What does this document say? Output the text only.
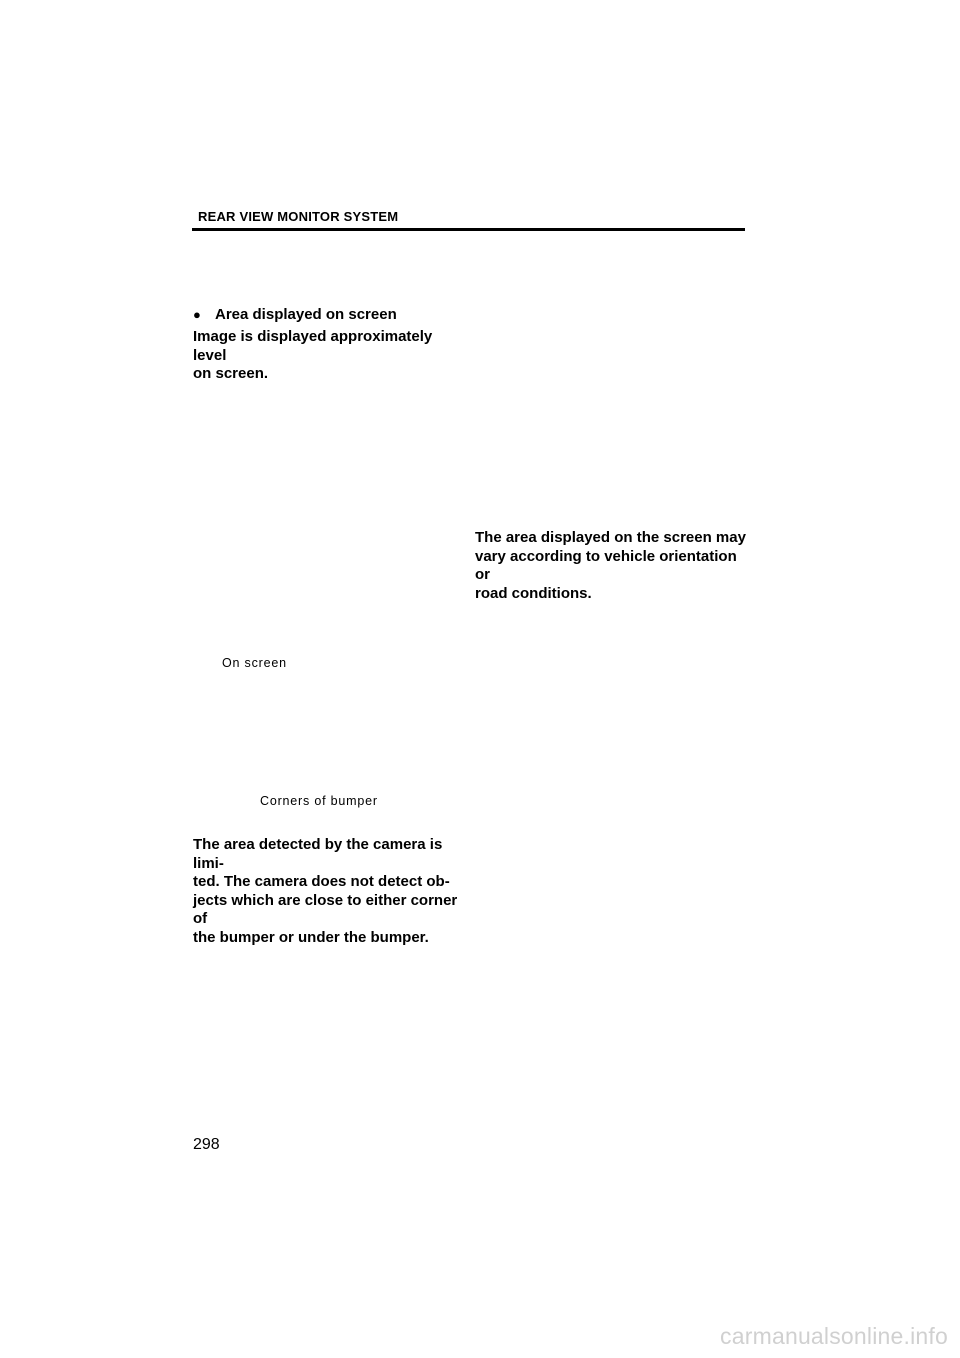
REAR VIEW MONITOR SYSTEM
● Area displayed on screen
Image is displayed approximately level
on screen.
On screen
Corners of bumper
The area detected by the camera is limi-
ted. The camera does not detect ob-
jects which are close to either corner of
the bumper or under the bumper.
The area displayed on the screen may
vary according to vehicle orientation or
road conditions.
298
carmanualsonline.info
